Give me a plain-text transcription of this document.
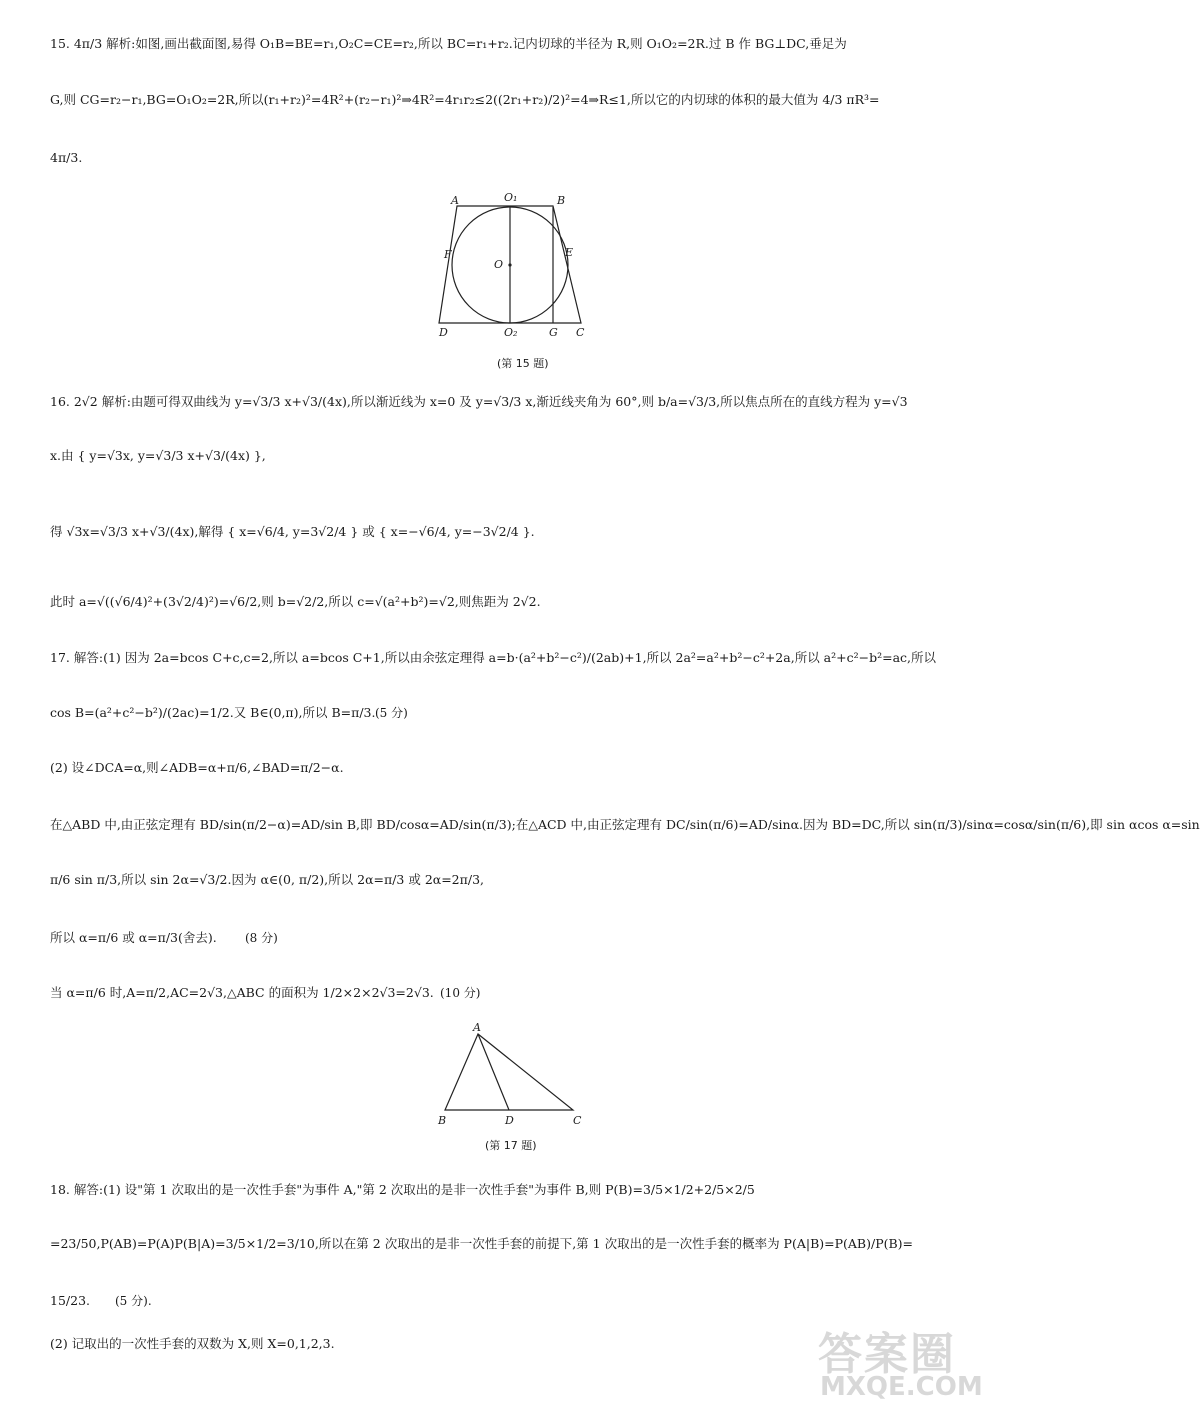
15. 4π/3 解析:如图,画出截面图,易得 O₁B=BE=r₁,O₂C=CE=r₂,所以 BC=r₁+r₂.记内切球的半径为 R,则 O₁O₂=2R.过 B 作 BG⊥DC,垂足为
G,则 CG=r₂−r₁,BG=O₁O₂=2R,所以(r₁+r₂)²=4R²+(r₂−r₁)²⇒4R²=4r₁r₂≤2((2r₁+r₂)/2)²=4⇒R≤1,所以它的内切球的体积的最大值为 4/3 πR³=
4π/3.
A	O₁	B
F
O
E
D	O₂	G C
(第 15 题)
16. 2√2 解析:由题可得双曲线为 y=√3/3 x+√3/(4x),所以渐近线为 x=0 及 y=√3/3 x,渐近线夹角为 60°,则 b/a=√3/3,所以焦点所在的直线方程为 y=√3
x.由 { y=√3x, y=√3/3 x+√3/(4x) },
得 √3x=√3/3 x+√3/(4x),解得 { x=√6/4, y=3√2/4 } 或 { x=−√6/4, y=−3√2/4 }.
此时 a=√((√6/4)²+(3√2/4)²)=√6/2,则 b=√2/2,所以 c=√(a²+b²)=√2,则焦距为 2√2.
17. 解答:(1) 因为 2a=bcos C+c,c=2,所以 a=bcos C+1,所以由余弦定理得 a=b·(a²+b²−c²)/(2ab)+1,所以 2a²=a²+b²−c²+2a,所以 a²+c²−b²=ac,所以
cos B=(a²+c²−b²)/(2ac)=1/2.又 B∈(0,π),所以 B=π/3. (5 分)
(2) 设∠DCA=α,则∠ADB=α+π/6,∠BAD=π/2−α.
在△ABD 中,由正弦定理有 BD/sin(π/2−α)=AD/sin B,即 BD/cosα=AD/sin(π/3);在△ACD 中,由正弦定理有 DC/sin(π/6)=AD/sinα.因为 BD=DC,所以 sin(π/3)/sinα=cosα/sin(π/6),即 sin αcos α=sin
π/6 sin π/3,所以 sin 2α=√3/2.因为 α∈(0, π/2),所以 2α=π/3 或 2α=2π/3,
所以 α=π/6 或 α=π/3(舍去). (8 分)
当 α=π/6 时,A=π/2,AC=2√3,△ABC 的面积为 1/2×2×2√3=2√3. (10 分)
A
B	D	C
(第 17 题)
18. 解答:(1) 设"第 1 次取出的是一次性手套"为事件 A,"第 2 次取出的是非一次性手套"为事件 B,则 P(B)=3/5×1/2+2/5×2/5
=23/50,P(AB)=P(A)P(B|A)=3/5×1/2=3/10,所以在第 2 次取出的是非一次性手套的前提下,第 1 次取出的是一次性手套的概率为 P(A|B)=P(AB)/P(B)=
15/23. (5 分).
(2) 记取出的一次性手套的双数为 X,则 X=0,1,2,3.	答案圈
MXQE.COM
